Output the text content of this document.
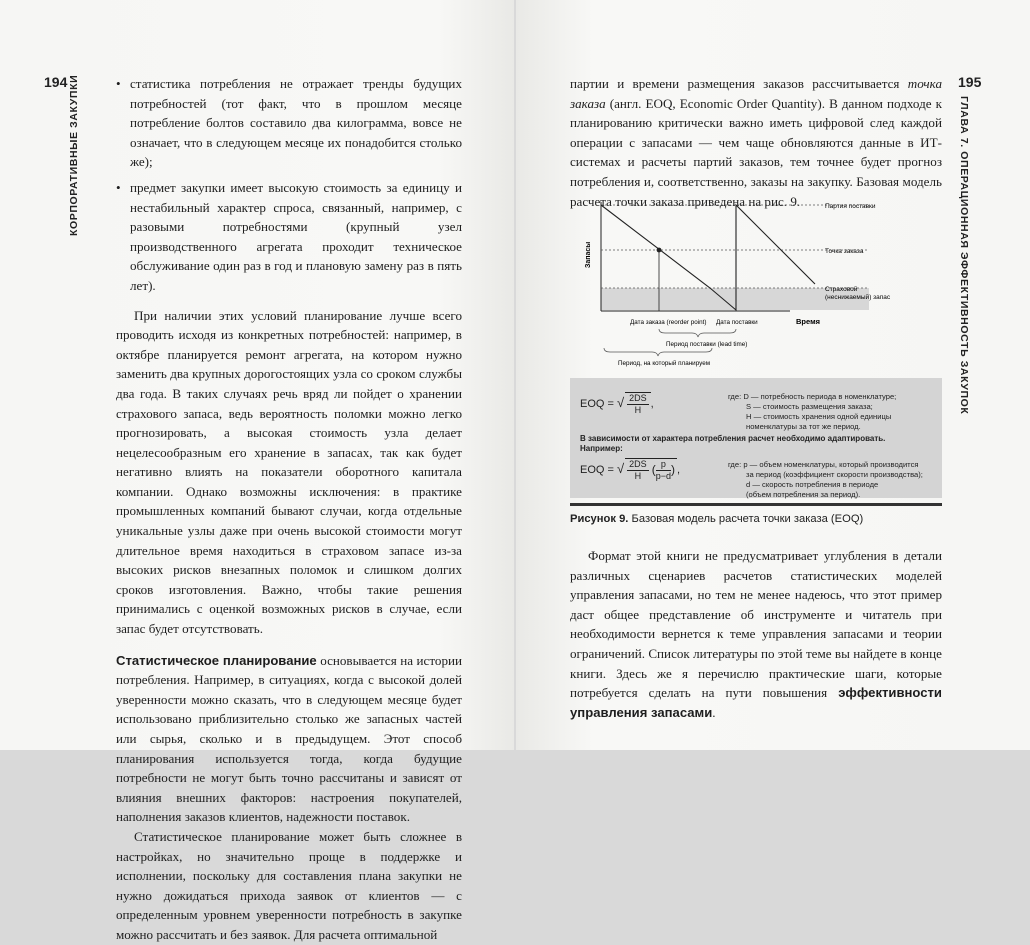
194 КОРПОРАТИВНЫЕ ЗАКУПКИ
•	статистика потребления не отражает тренды будущих потребностей (тот факт, что в прошлом месяце потребление болтов составило два килограмма, вовсе не означает, что в следующем месяце их понадобится столько же);
• предмет закупки имеет высокую стоимость за единицу и нестабильный характер спроса, связанный, например, с разовыми потребностями (крупный узел производственного агрегата проходит техническое обслуживание один раз в год и плановую замену раз в пять лет).

При наличии этих условий планирование лучше всего проводить исходя из конкретных потребностей: например, в октябре планируется ремонт агрегата, на котором нужно заменить два крупных дорогостоящих узла со сроком службы два года. В таких случаях речь вряд ли пойдет о хранении страхового запаса, ведь вероятность поломки можно легко прогнозировать, а высокая стоимость узла делает нецелесообразным его хранение в запасах, так как будет негативно влиять на показатели оборотного капитала компании. Однако возможны исключения: в практике промышленных компаний бывают случаи, когда отдельные уникальные узлы даже при очень высокой стоимости могут длительное время находиться в страховом запасе из-за высоких рисков внезапных поломок и слишком долгих сроков изготовления. Важно, чтобы такие решения принимались с оценкой возможных рисков в случае, если запас будет отсутствовать.

Статистическое планирование основывается на истории потребления. Например, в ситуациях, когда с высокой долей уверенности можно сказать, что в следующем месяце будет использовано приблизительно столько же запасных частей или сырья, сколько и в предыдущем. Этот способ планирования используется тогда, когда будущие потребности не могут быть точно рассчитаны и зависят от влияния внешних факторов: настроения покупателей, наполнения заказов клиентов, надежности поставок.

Статистическое планирование может быть сложнее в настройках, но значительно проще в поддержке и исполнении, поскольку для составления плана закупки не нужно дожидаться прихода заявок от клиентов — с определенным уровнем уверенности потребность в закупке можно рассчитать и без заявок. Для расчета оптимальной

195

партии и времени размещения заказов рассчитывается точка заказа (англ. EOQ, Economic Order Quantity). В данном подходе к планированию критически важно иметь цифровой след каждой операции с запасами — чем чаще обновляются данные в ИТ-системах и расчеты партий заказов, тем точнее будет прогноз потребления и, соответственно, заказы на закупку. Базовая модель расчета точки заказа приведена на рис. 9.

Запасы
Время
Партия поставки
Точка заказа
Страховой
(неснижаемый) запас
Дата заказа (reorder point) Дата поставки
Период поставки (lead time)
Период, на который планируем
EOQ = √ $\frac{2DS}{H}$ ,
где: D — потребность периода в номенклатуре;
S — стоимость размещения заказа;
H — стоимость хранения одной единицы
номенклатуры за тот же период.
В зависимости от характера потребления расчет необходимо адаптировать.
Например:
EOQ = √ $\frac{2DS}{H}$ ( $\frac{p}{p-d}$ ) ,	где: p — объем номенклатуры, который производится
за период (коэффициент скорости производства);
d — скорость потребления в периоде
(объем потребления за период).
Рисунок 9. Базовая модель расчета точки заказа (EOQ)

Формат этой книги не предусматривает углубления в детали различных сценариев расчетов статистических моделей управления запасами, но тем не менее надеюсь, что этот пример даст общее представление об инструменте и читатель при необходимости вернется к теме управления запасами и теории ограничений. Список литературы по этой теме вы найдете в конце книги. Здесь же я перечислю практические шаги, которые потребуется сделать на пути повышения эффективности управления запасами.

ГЛАВА 7. ОПЕРАЦИОННАЯ ЭФФЕКТИВНОСТЬ ЗАКУПОК
